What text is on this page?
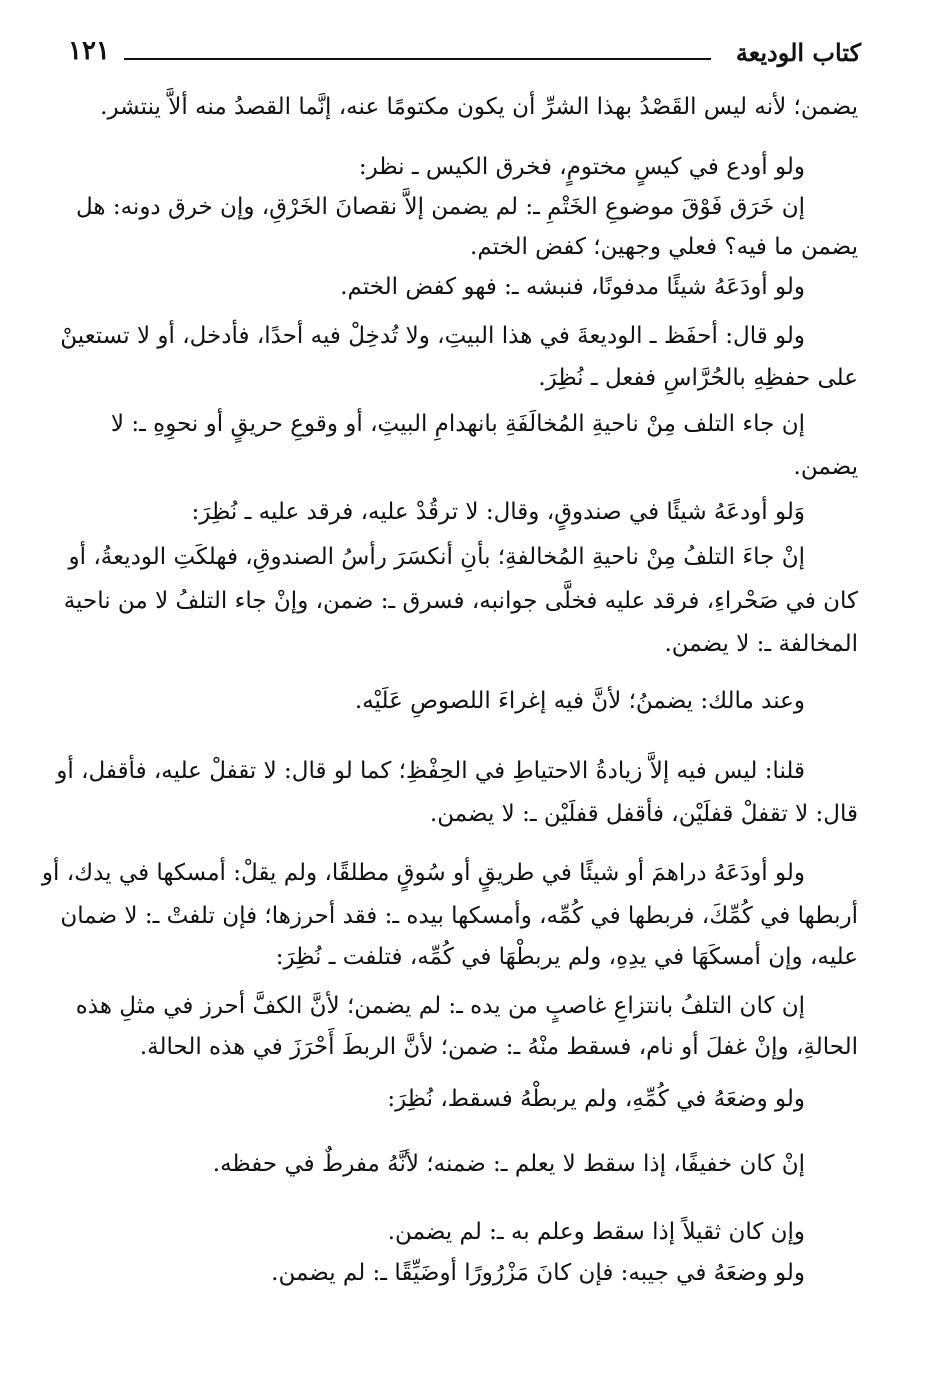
كتاب الوديعة
١٢١
يضمن؛ لأنه ليس القَصْدُ بهذا الشرِّ أن يكون مكتومًا عنه، إنَّما القصدُ منه ألاَّ ينتشر.
ولو أودع في كيسٍ مختومٍ، فخرق الكيس ـ نظر:
إن خَرَق فَوْقَ موضوعِ الخَتْمِ ـ: لم يضمن إلاَّ نقصانَ الخَرْقِ، وإن خرق دونه: هل
يضمن ما فيه؟ فعلي وجهين؛ كفض الختم.
ولو أودَعَهُ شيئًا مدفونًا، فنبشه ـ: فهو كفض الختم.
ولو قال: أحفَظ ـ الوديعةَ في هذا البيتِ، ولا تُدخِلْ فيه أحدًا، فأدخل، أو لا تستعينْ
على حفظِهِ بالحُرَّاسِ ففعل ـ نُظِرَ.
إن جاء التلف مِنْ ناحيةِ المُخالَفَةِ بانهدامِ البيتِ، أو وقوعِ حريقٍ أو نحوِهِ ـ: لا
يضمن.
وَلو أودعَهُ شيئًا في صندوقٍ، وقال: لا ترقُدْ عليه، فرقد عليه ـ نُظِرَ:
إنْ جاءَ التلفُ مِنْ ناحيةِ المُخالفةِ؛ بأنِ أنكسَرَ رأسُ الصندوقِ، فهلكَتِ الوديعةُ، أو
كان في صَحْراءِ، فرقد عليه فخلَّى جوانبه، فسرق ـ: ضمن، وإنْ جاء التلفُ لا من ناحية
المخالفة ـ: لا يضمن.
وعند مالك: يضمنُ؛ لأنَّ فيه إغراءَ اللصوصِ عَلَيْه.
قلنا: ليس فيه إلاَّ زيادةُ الاحتياطِ في الحِفْظِ؛ كما لو قال: لا تقفلْ عليه، فأقفل، أو
قال: لا تقفلْ قفلَيْن، فأقفل قفلَيْن ـ: لا يضمن.
ولو أودَعَهُ دراهمَ أو شيئًا في طريقٍ أو سُوقٍ مطلقًا، ولم يقلْ: أمسكها في يدك، أو
أربطها في كُمِّكَ، فربطها في كُمِّه، وأمسكها بيده ـ: فقد أحرزها؛ فإن تلفتْ ـ: لا ضمان
عليه، وإن أمسكَهَا في يدِهِ، ولم يربطْهَا في كُمِّه، فتلفت ـ نُظِرَ:
إن كان التلفُ بانتزاعِ غاصبٍ من يده ـ: لم يضمن؛ لأنَّ الكفَّ أحرز في مثلِ هذه
الحالةِ، وإنْ غفلَ أو نام، فسقط منْهُ ـ: ضمن؛ لأنَّ الربطَ أَحْرَزَ في هذه الحالة.
ولو وضعَهُ في كُمِّهِ، ولم يربطْهُ فسقط، نُظِرَ:
إنْ كان خفيفًا، إذا سقط لا يعلم ـ: ضمنه؛ لأنَّهُ مفرطٌ في حفظه.
وإن كان ثقيلاً إذا سقط وعلم به ـ: لم يضمن.
ولو وضعَهُ في جيبه: فإن كانَ مَزْرُورًا أوضَيِّقًا ـ: لم يضمن.
